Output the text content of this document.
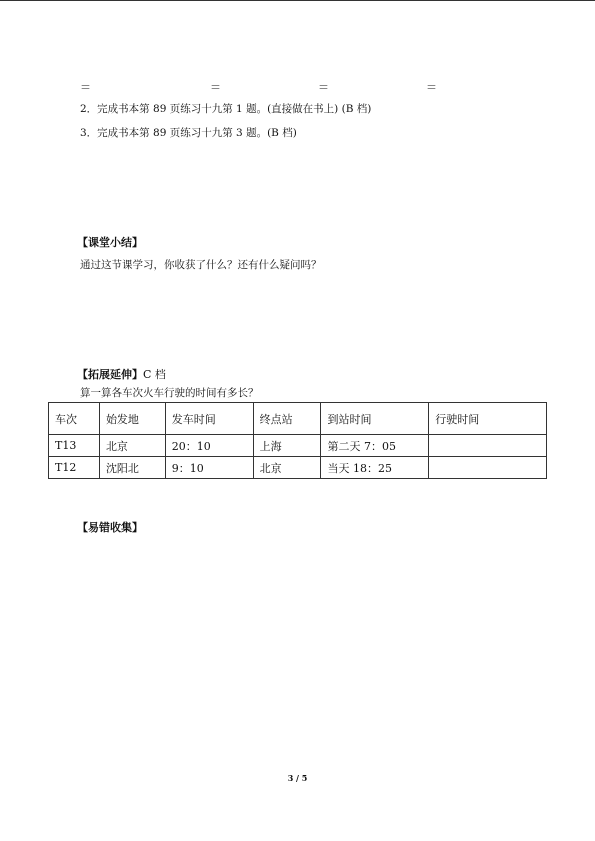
＝	＝	＝	＝
2．完成书本第 89 页练习十九第 1 题。(直接做在书上) (B 档)
3．完成书本第 89 页练习十九第 3 题。(B 档)
【课堂小结】
通过这节课学习，你收获了什么？还有什么疑问吗？
【拓展延伸】C 档
算一算各车次火车行驶的时间有多长？
车次	始发地	发车时间	终点站	到站时间	行驶时间
T13	北京	20：10	上海	第二天 7：05	
T12	沈阳北	9：10	北京	当天 18：25	
【易错收集】
3 / 5
